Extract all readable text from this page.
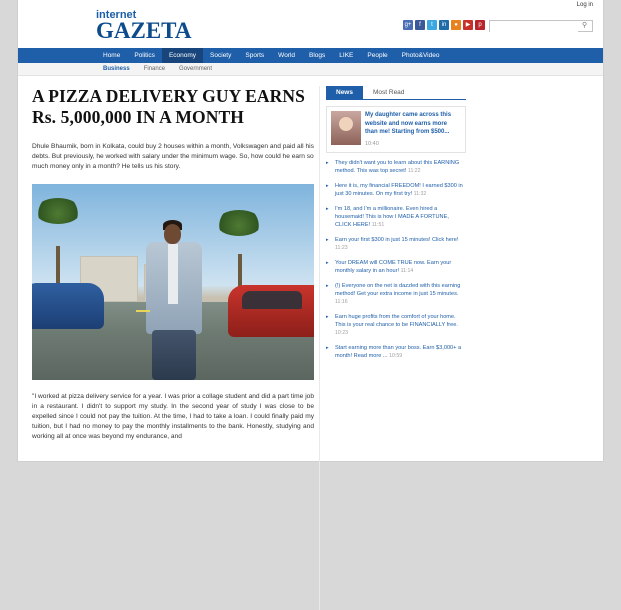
Log in
internet
GAZETA	g+	f	t	in	●	▶	p	⚲
Home	Politics	Economy	Society	Sports	World	Blogs	LIKE	People	Photo&Video
Business	Finance	Government
A PIZZA DELIVERY GUY EARNS Rs. 5,000,000 IN A MONTH

Dhule Bhaumik, born in Kolkata, could buy 2 houses within a month, Volkswagen and paid all his debts. But previously, he worked with salary under the minimum wage. So, how could he earn so much money only in a month? He tells us his story.

"I worked at pizza delivery service for a year. I was prior a collage student and did a part time job in a restaurant. I didn't to support my study. In the second year of study I was close to be expelled since I could not pay the tuition. At the time, I had to take a loan. I could finally paid my tuition, but I had no money to pay the monthly installments to the bank. Honestly, studying and working all at once was beyond my endurance, and

News	Most Read
My daughter came across this website and now earns more than me! Starting from $500...
10:40
▸ They didn't want you to learn about this EARNING method. This was top secret! 11:22
▸ Here it is, my financial FREEDOM! I earned $300 in just 30 minutes. On my first try! 11:32
▸ I'm 18, and I'm a millionaire. Even hired a housemaid! This is how I MADE A FORTUNE, CLICK HERE! 11:51
▸ Earn your first $300 in just 15 minutes! Click here! 11:23
▸ Your DREAM will COME TRUE now. Earn your monthly salary in an hour! 11:14
▸ (!) Everyone on the net is dazzled with this earning method! Get your extra income in just 15 minutes. 11:16
▸ Earn huge profits from the comfort of your home. This is your real chance to be FINANCIALLY free. 10:23
▸ Start earning more than your boss. Earn $3,000+ a month! Read more ... 10:59
